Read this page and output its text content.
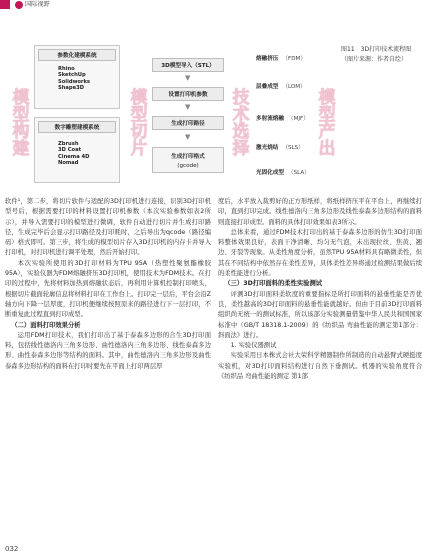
国际视野
模型构建
参数化建模系统
Rhino
SketchUp
Solidworks
Shape3D
数字雕塑建模系统
Zbrush
3D Coat
Cinema 4D
Nomad
模型切片
3D模型导入（STL）
▼
设置打印机参数
▼
生成打印路径
▼
生成打印格式
(gcode)
技术选择
熔融挤压 （FDM）
层叠成型 （LOM）
多射流熔融 （MJF）
激光烧结 （SLS）
光固化成型 （SLA）
模型产出
图11　3D打印技术流程图（图片来源：作者自绘）

软件¹，第二步，将切片软件与适配的3D打印机进行连接，识别3D打印机型号后，根据需要打印的材料设置打印机参数（本次实验参数如表2所示），并导入需要打印的模型进行微调，软件自动进行切片并生成打印路径，生成完毕后会显示打印路径及打印耗时，之后导出为qcode（路径编码）格式即可。第三步，将生成的模型切片存入3D打印机的内存卡并导入打印机，对打印机进行调平处理，然后开始打印。

本次实验所使用的3D打印材料为TPU 95A（热塑性聚氨酯橡胶95A），实验仪器为FDM熔融挤压3D打印机，使用技术为FDM技术。在打印的过程中，先将材料加热到熔融状态后，再利用计算机控制打印喷头，根据切片截面轮廓信息将材料打印在工作台上。打印完一层后，平台会沿Z轴方向下降一层厚度，打印机便继续按照原来的路径进行下一层打印，不断重复此过程直到打印成型。

（二）面料打印效果分析

运用FDM打印技术，我们打印出了基于泰森多边形的合生3D打印面料，包括线性德洛内三角多边形、曲性德洛内三角多边形、线性泰森多边形、曲性泰森多边形等结构的面料。其中，曲性德洛内三角多边形及曲性泰森多边形结构的面料在打印时要先在平面上打印两层厚

度后，水平放入裁剪好的正方形纸样，将纸样挤压平在平台上，再继续打印，直到打印完成。线性德洛内三角多边形及线性泰森多边形结构的面料则直接打印成型。面料的具体打印效果如表3所示。

总体来看，通过FDM技术打印出的基于泰森多边形的仿生3D打印面料整体效果良好，表面干净清晰、均匀无气泡，未出现拉丝、焦黄、翘边、牙裂等现象。从柔性角度分析，虽然TPU 95A材料具有略微柔性，但其在不同结构中依然存在柔性差异，具体柔性差异将通过检测结果做后续的柔性能进行分析。

（三）3D打印面料的柔性实验测试

评测3D打印面料柔软度的重要指标是所打印面料的悬垂性能是否优良，柔性越高的3D打印面料的悬垂性能就越好。但由于目前3D打印面料组织尚无统一的测试标准，所以该部分实验测量借鉴中华人民共和国国家标准中（GB/T 18318.1-2009）的《纺织品 弯曲性能的测定第1部分：斜面法》进行。

1. 实验仪器测试

实验采用日本株式会社大荣科学精器制作所制造的自动悬臂式硬挺度实验机，对3D打印面料结构进行自然下垂测试。机器的实验角度符合《纺织品 弯曲性能的测定 第1部

032
